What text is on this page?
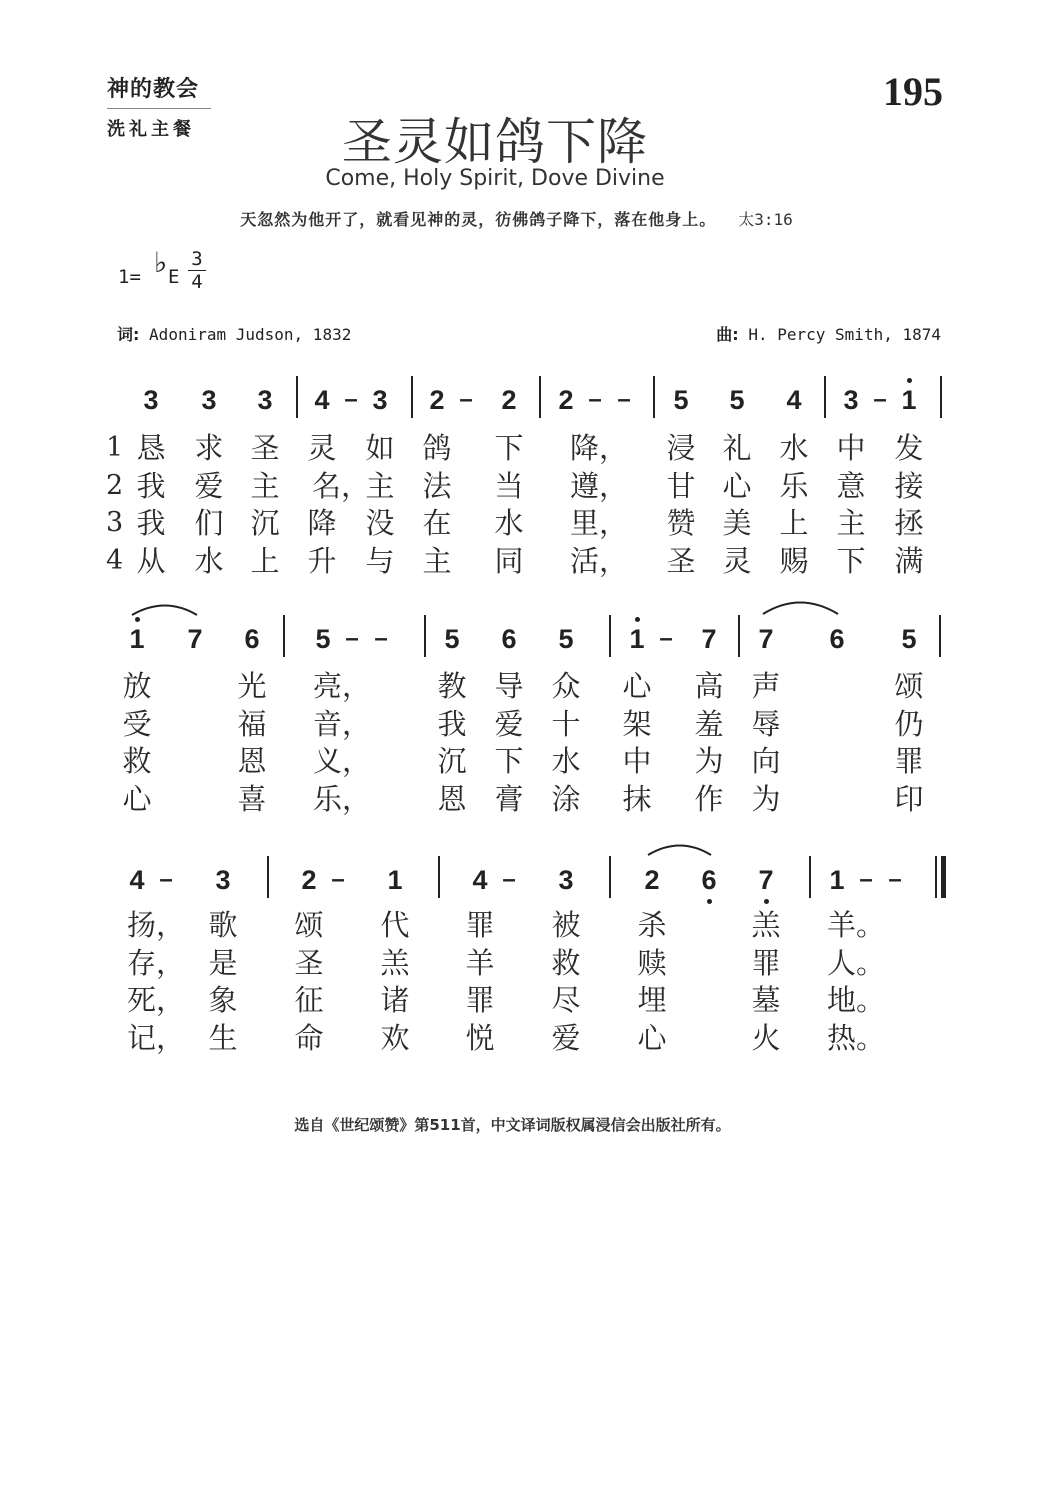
神的教会
洗礼主餐
195
圣灵如鸽下降
Come, Holy Spirit, Dove Divine
天忽然为他开了，就看见神的灵，彷佛鸽子降下，落在他身上。 太3:16
1= ♭ E
3
4
词: Adoniram Judson, 1832	曲: H. Percy Smith, 1874
3	3	3	4 – 3	2 –	2	2 – –	5	5	4	3 – 1
1 恳 求 圣 灵 如 鸽 下 降， 浸 礼 水 中 发
2 我 爱 主 名，
主 法 当 遵， 甘 心 乐 意 接
3 我 们 沉 降 没 在 水 里， 赞 美 上 主 拯
4 从 水 上 升 与 主 同 活， 圣 灵 赐 下 满
1	7	6	5 – –	5	6	5	1 –	7	7	6	5
放	光 亮， 教 导 众 心 高 声	颂
受	福 音， 我 爱 十 架 羞 辱	仍
救	恩 义， 沉 下 水 中 为 向	罪
心	喜 乐， 恩 膏 涂 抹 作 为	印
4 –	3	2 –	1	4 –	3	2	6	7	1 – –
扬， 歌 颂 代 罪 被 杀	羔 羊。
存， 是 圣 羔 羊 救 赎	罪 人。
死， 象 征 诸 罪 尽 埋	墓 地。
记， 生 命 欢 悦 爱 心	火 热。
选自《世纪颂赞》第511首，中文译词版权属浸信会出版社所有。
